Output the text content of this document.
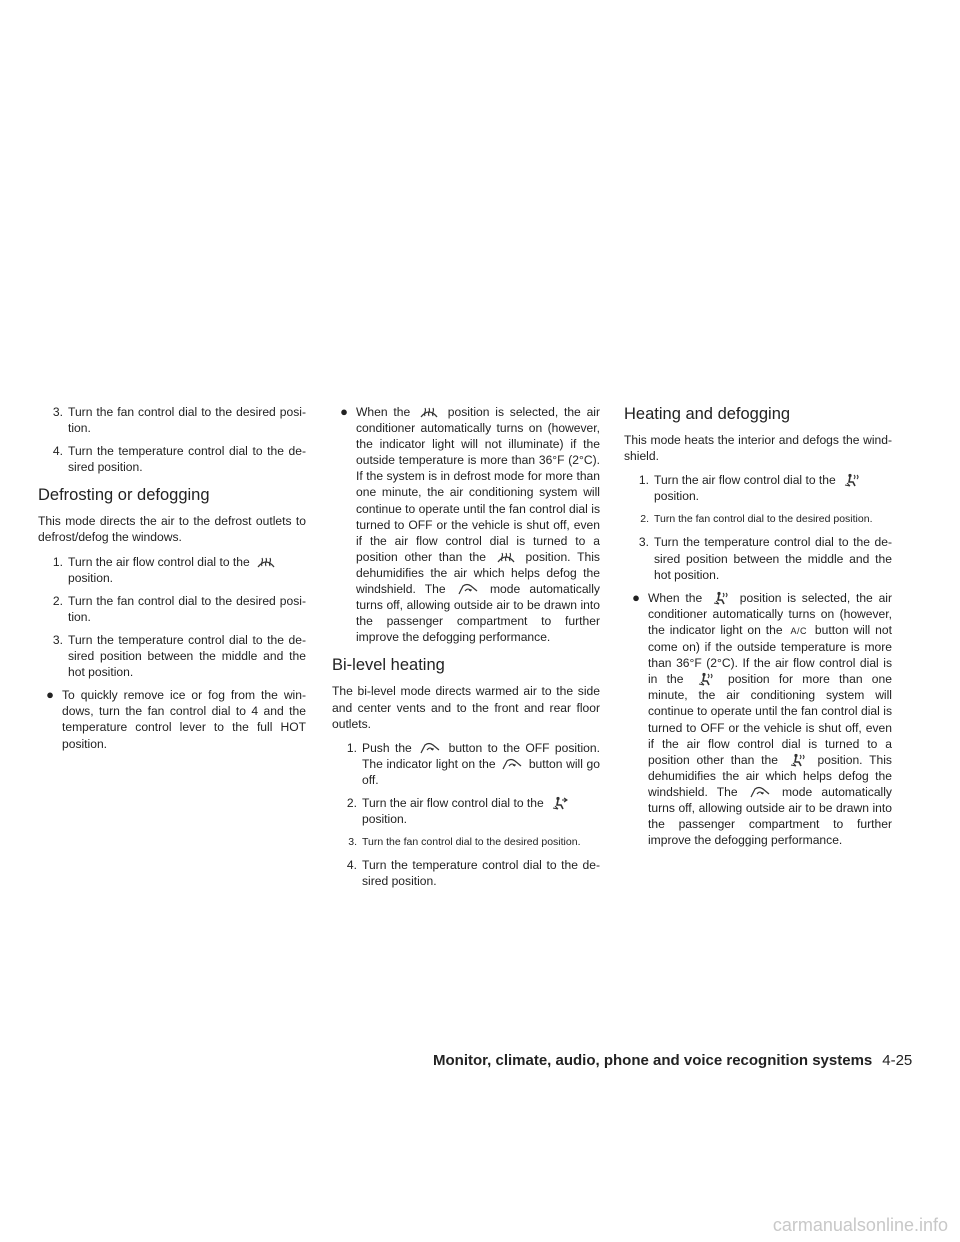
3. Turn the fan control dial to the desired position.
4. Turn the temperature control dial to the desired position.
Defrosting or defogging

This mode directs the air to the defrost outlets to defrost/defog the windows.

1. Turn the air flow control dial to the
position.
2. Turn the fan control dial to the desired position.
3. Turn the temperature control dial to the desired position between the middle and the hot position.
● To quickly remove ice or fog from the windows, turn the fan control dial to 4 and the temperature control lever to the full HOT position.
● When the	position is selected, the air conditioner automatically turns on (however, the indicator light will not illuminate) if the outside temperature is more than 36°F (2°C). If the system is in defrost mode for more than one minute, the air conditioning system will continue to operate until the fan control dial is turned to OFF or the vehicle is shut off, even if the air flow control dial is turned to a position other than the	position. This dehumidifies the air which helps defog the windshield. The	mode automatically turns off, allowing outside air to be drawn into the passenger compartment to further improve the defogging performance.
Bi-level heating

The bi-level mode directs warmed air to the side and center vents and to the front and rear floor outlets.

1. Push the	button to the OFF position. The indicator light on the	button will go off.
2. Turn the air flow control dial to the
position.
3. Turn the fan control dial to the desired position.
4. Turn the temperature control dial to the desired position.
Heating and defogging

This mode heats the interior and defogs the windshield.

1. Turn the air flow control dial to the
position.
2. Turn the fan control dial to the desired position.
3. Turn the temperature control dial to the desired position between the middle and the hot position.
● When the	position is selected, the air conditioner automatically turns on (however, the indicator light on the A/C button will not come on) if the outside temperature is more than 36°F (2°C). If the air flow control dial is in the	position for more than one minute, the air conditioning system will continue to operate until the fan control dial is turned to OFF or the vehicle is shut off, even if the air flow control dial is turned to a position other than the	position. This dehumidifies the air which helps defog the windshield. The	mode automatically turns off, allowing outside air to be drawn into the passenger compartment to further improve the defogging performance.
Monitor, climate, audio, phone and voice recognition systems 4-25
carmanualsonline.info
